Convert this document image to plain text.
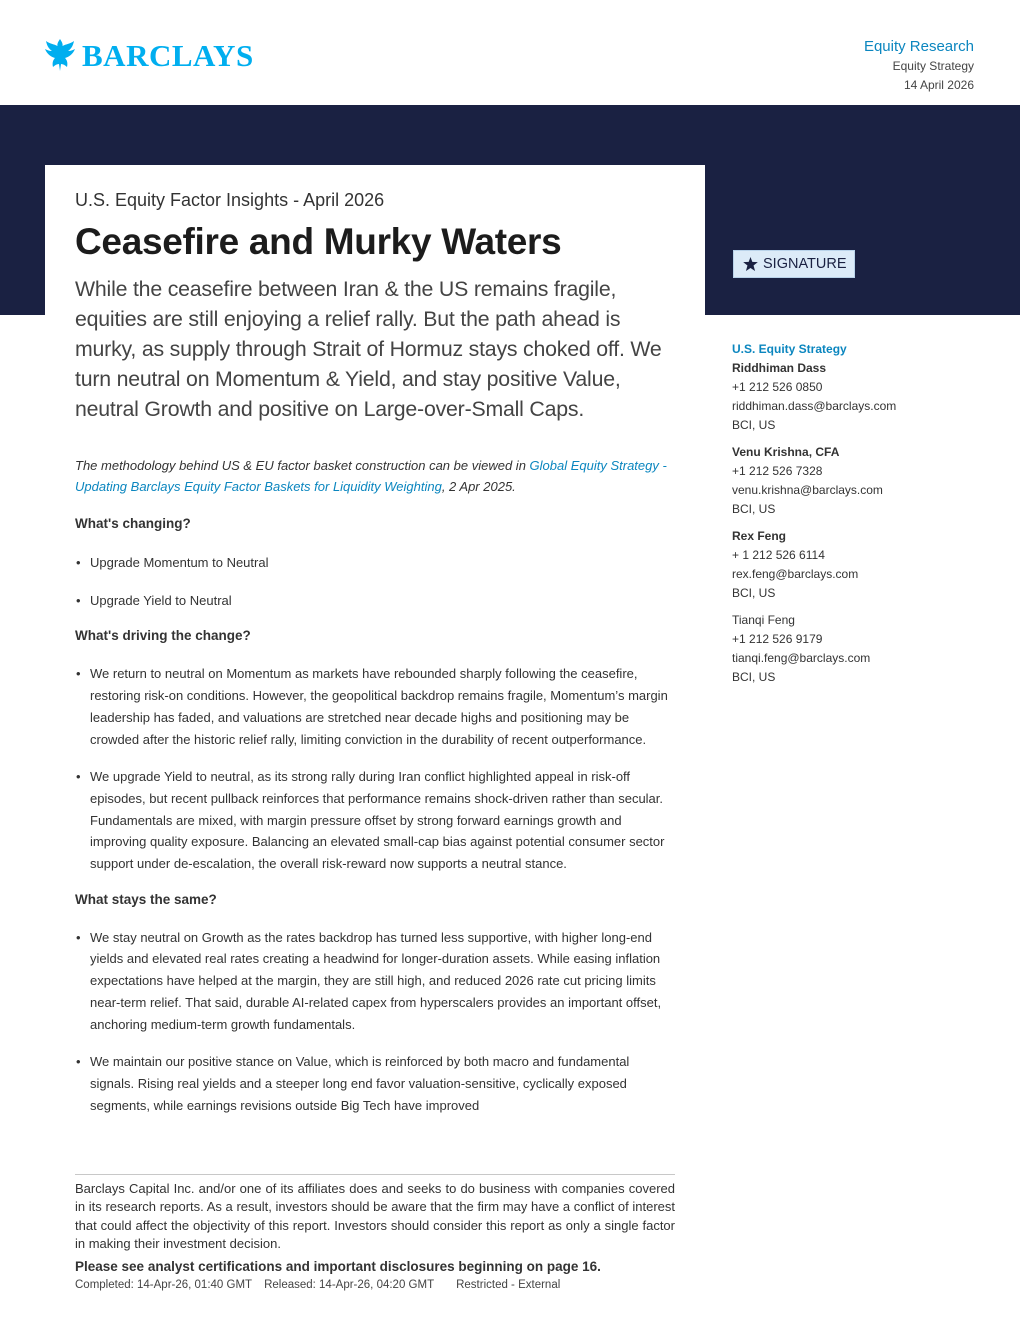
BARCLAYS	Equity Research
Equity Strategy
14 April 2026
U.S. Equity Factor Insights - April 2026
Ceasefire and Murky Waters
While the ceasefire between Iran & the US remains fragile, equities are still enjoying a relief rally. But the path ahead is murky, as supply through Strait of Hormuz stays choked off. We turn neutral on Momentum & Yield, and stay positive Value, neutral Growth and positive on Large-over-Small Caps.
The methodology behind US & EU factor basket construction can be viewed in Global Equity Strategy - Updating Barclays Equity Factor Baskets for Liquidity Weighting, 2 Apr 2025.
What's changing?
• Upgrade Momentum to Neutral
• Upgrade Yield to Neutral
What's driving the change?
• We return to neutral on Momentum as markets have rebounded sharply following the ceasefire, restoring risk-on conditions. However, the geopolitical backdrop remains fragile, Momentum’s margin leadership has faded, and valuations are stretched near decade highs and positioning may be crowded after the historic relief rally, limiting conviction in the durability of recent outperformance.
• We upgrade Yield to neutral, as its strong rally during Iran conflict highlighted appeal in risk-off episodes, but recent pullback reinforces that performance remains shock-driven rather than secular. Fundamentals are mixed, with margin pressure offset by strong forward earnings growth and improving quality exposure. Balancing an elevated small-cap bias against potential consumer sector support under de-escalation, the overall risk-reward now supports a neutral stance.
What stays the same?
• We stay neutral on Growth as the rates backdrop has turned less supportive, with higher long-end yields and elevated real rates creating a headwind for longer-duration assets. While easing inflation expectations have helped at the margin, they are still high, and reduced 2026 rate cut pricing limits near-term relief. That said, durable AI-related capex from hyperscalers provides an important offset, anchoring medium-term growth fundamentals.
• We maintain our positive stance on Value, which is reinforced by both macro and fundamental signals. Rising real yields and a steeper long end favor valuation-sensitive, cyclically exposed segments, while earnings revisions outside Big Tech have improved
SIGNATURE
U.S. Equity Strategy
Riddhiman Dass
+1 212 526 0850
riddhiman.dass@barclays.com
BCI, US
Venu Krishna, CFA
+1 212 526 7328
venu.krishna@barclays.com
BCI, US
Rex Feng
+ 1 212 526 6114
rex.feng@barclays.com
BCI, US
Tianqi Feng
+1 212 526 9179
tianqi.feng@barclays.com
BCI, US
Barclays Capital Inc. and/or one of its affiliates does and seeks to do business with companies covered in its research reports. As a result, investors should be aware that the firm may have a conflict of interest that could affect the objectivity of this report. Investors should consider this report as only a single factor in making their investment decision.
Please see analyst certifications and important disclosures beginning on page 16.
Completed: 14-Apr-26, 01:40 GMT Released: 14-Apr-26, 04:20 GMT Restricted - External
